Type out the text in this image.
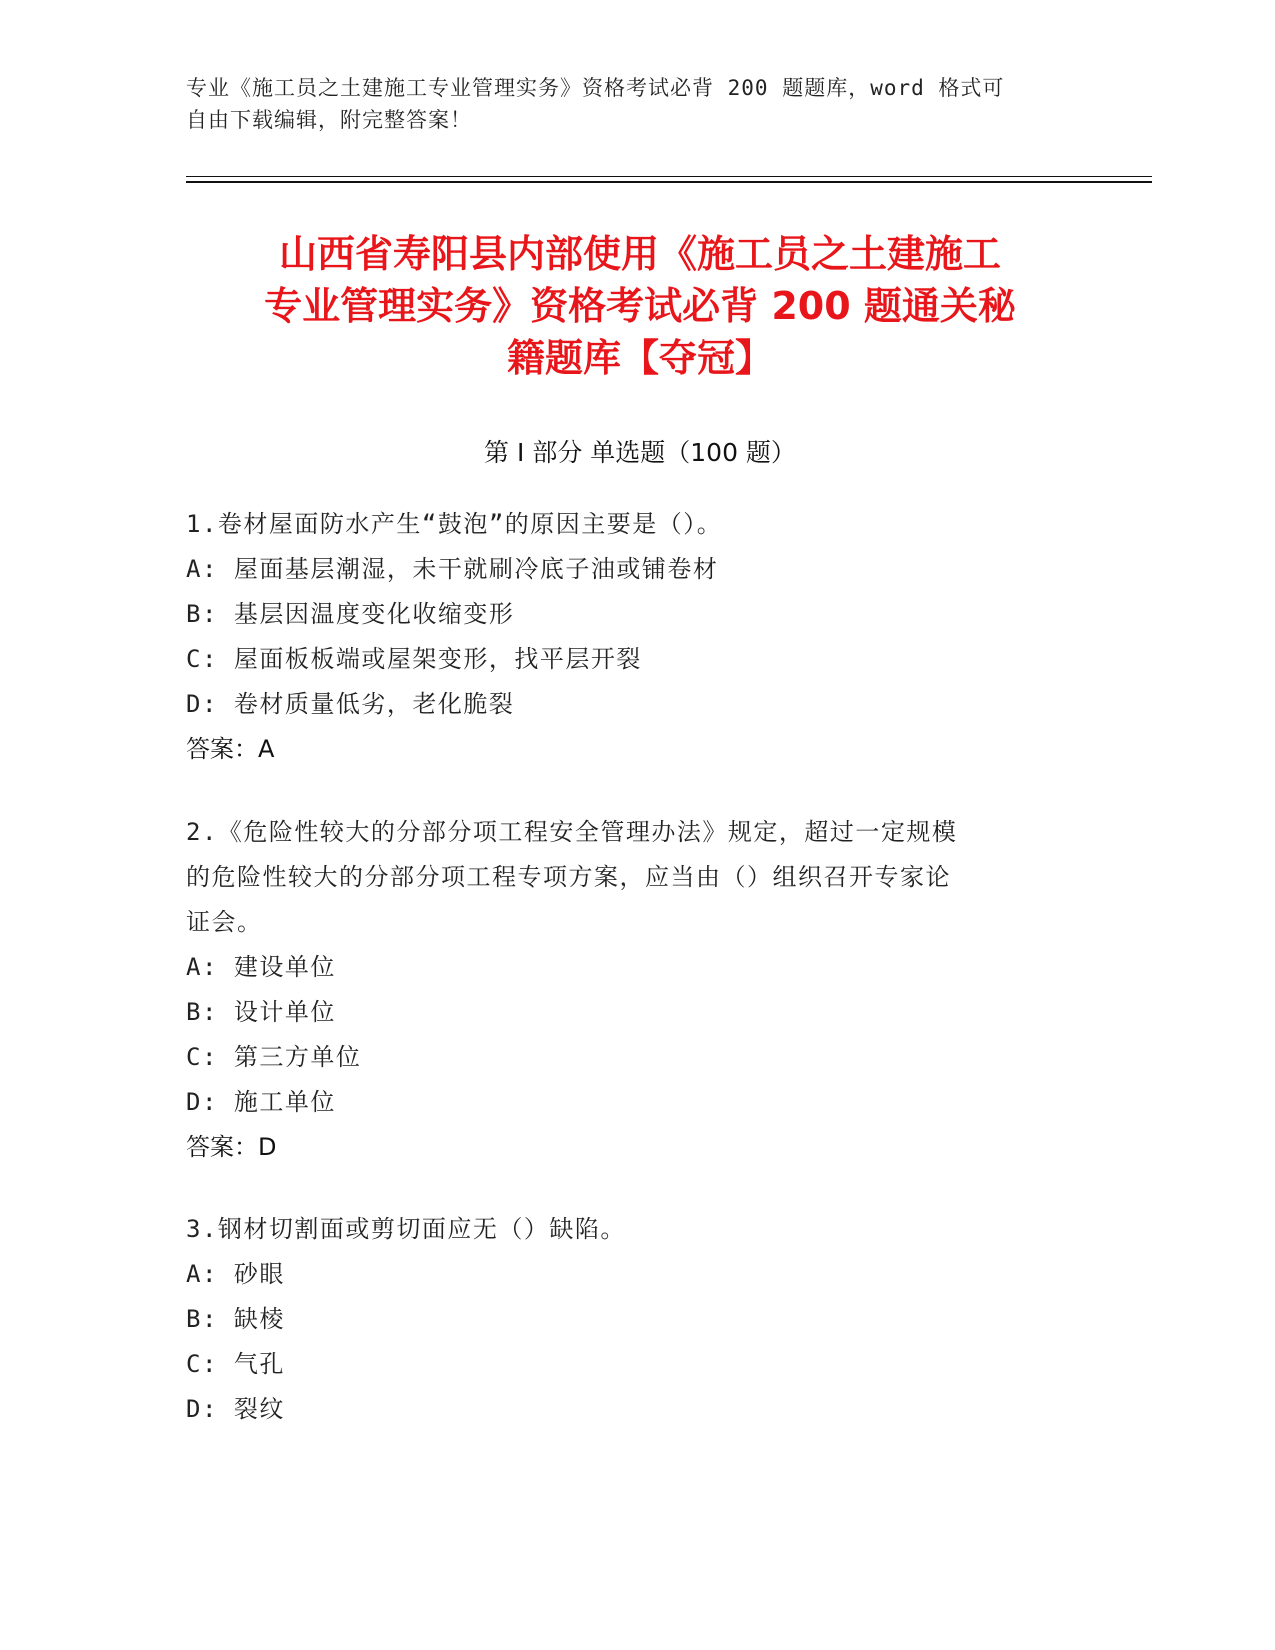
专业《施工员之土建施工专业管理实务》资格考试必背 200 题题库，word 格式可
自由下载编辑，附完整答案！
山西省寿阳县内部使用《施工员之土建施工
专业管理实务》资格考试必背 200 题通关秘
籍题库【夺冠】
第 I 部分 单选题（100 题）
1.卷材屋面防水产生“鼓泡”的原因主要是（）。
A: 屋面基层潮湿，未干就刷冷底子油或铺卷材
B: 基层因温度变化收缩变形
C: 屋面板板端或屋架变形，找平层开裂
D: 卷材质量低劣，老化脆裂
答案：A
2.《危险性较大的分部分项工程安全管理办法》规定，超过一定规模
的危险性较大的分部分项工程专项方案，应当由（）组织召开专家论
证会。
A: 建设单位
B: 设计单位
C: 第三方单位
D: 施工单位
答案：D
3.钢材切割面或剪切面应无（）缺陷。
A: 砂眼
B: 缺棱
C: 气孔
D: 裂纹
